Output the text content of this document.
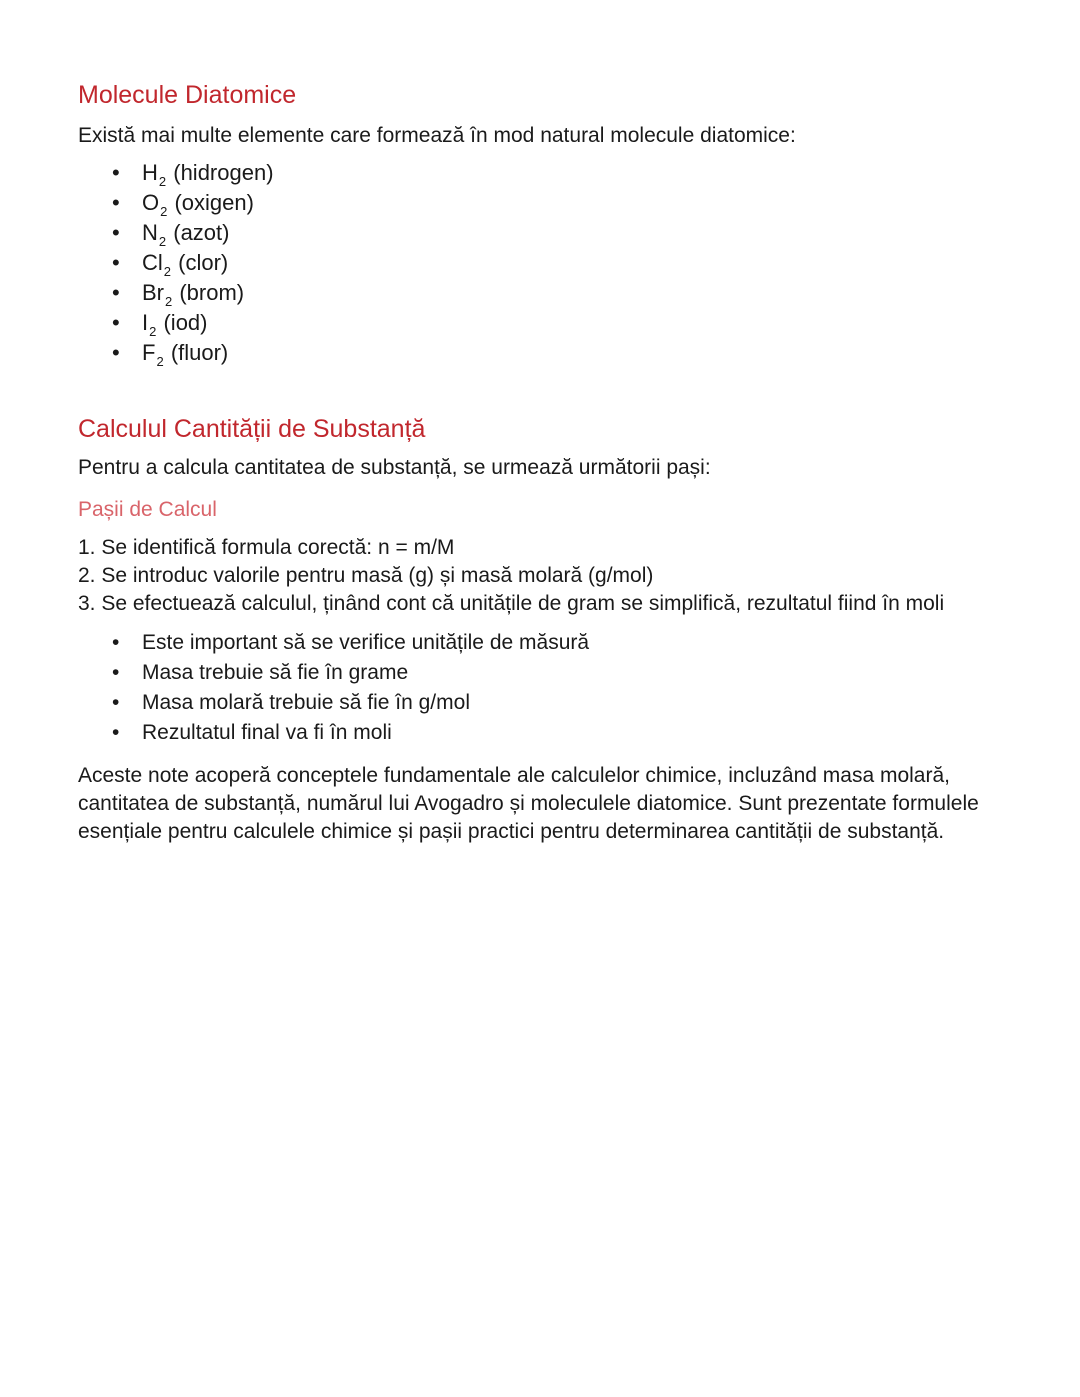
Molecule Diatomice

Există mai multe elemente care formează în mod natural molecule diatomice:

•	$H_2$ (hidrogen)
•	$O_2$ (oxigen)
•	$N_2$ (azot)
•	$Cl_2$ (clor)
•	$Br_2$ (brom)
•	$I_2$ (iod)
•	$F_2$ (fluor)
Calculul Cantității de Substanță

Pentru a calcula cantitatea de substanță, se urmează următorii pași:

Pașii de Calcul
1. Se identifică formula corectă: n = m/M
2. Se introduc valorile pentru masă (g) și masă molară (g/mol)
3. Se efectuează calculul, ținând cont că unitățile de gram se simplifică, rezultatul fiind în moli
• Este important să se verifice unitățile de măsură
• Masa trebuie să fie în grame
• Masa molară trebuie să fie în g/mol
• Rezultatul final va fi în moli

Aceste note acoperă conceptele fundamentale ale calculelor chimice, incluzând masa molară, cantitatea de substanță, numărul lui Avogadro și moleculele diatomice. Sunt prezentate formulele esențiale pentru calculele chimice și pașii practici pentru determinarea cantității de substanță.
